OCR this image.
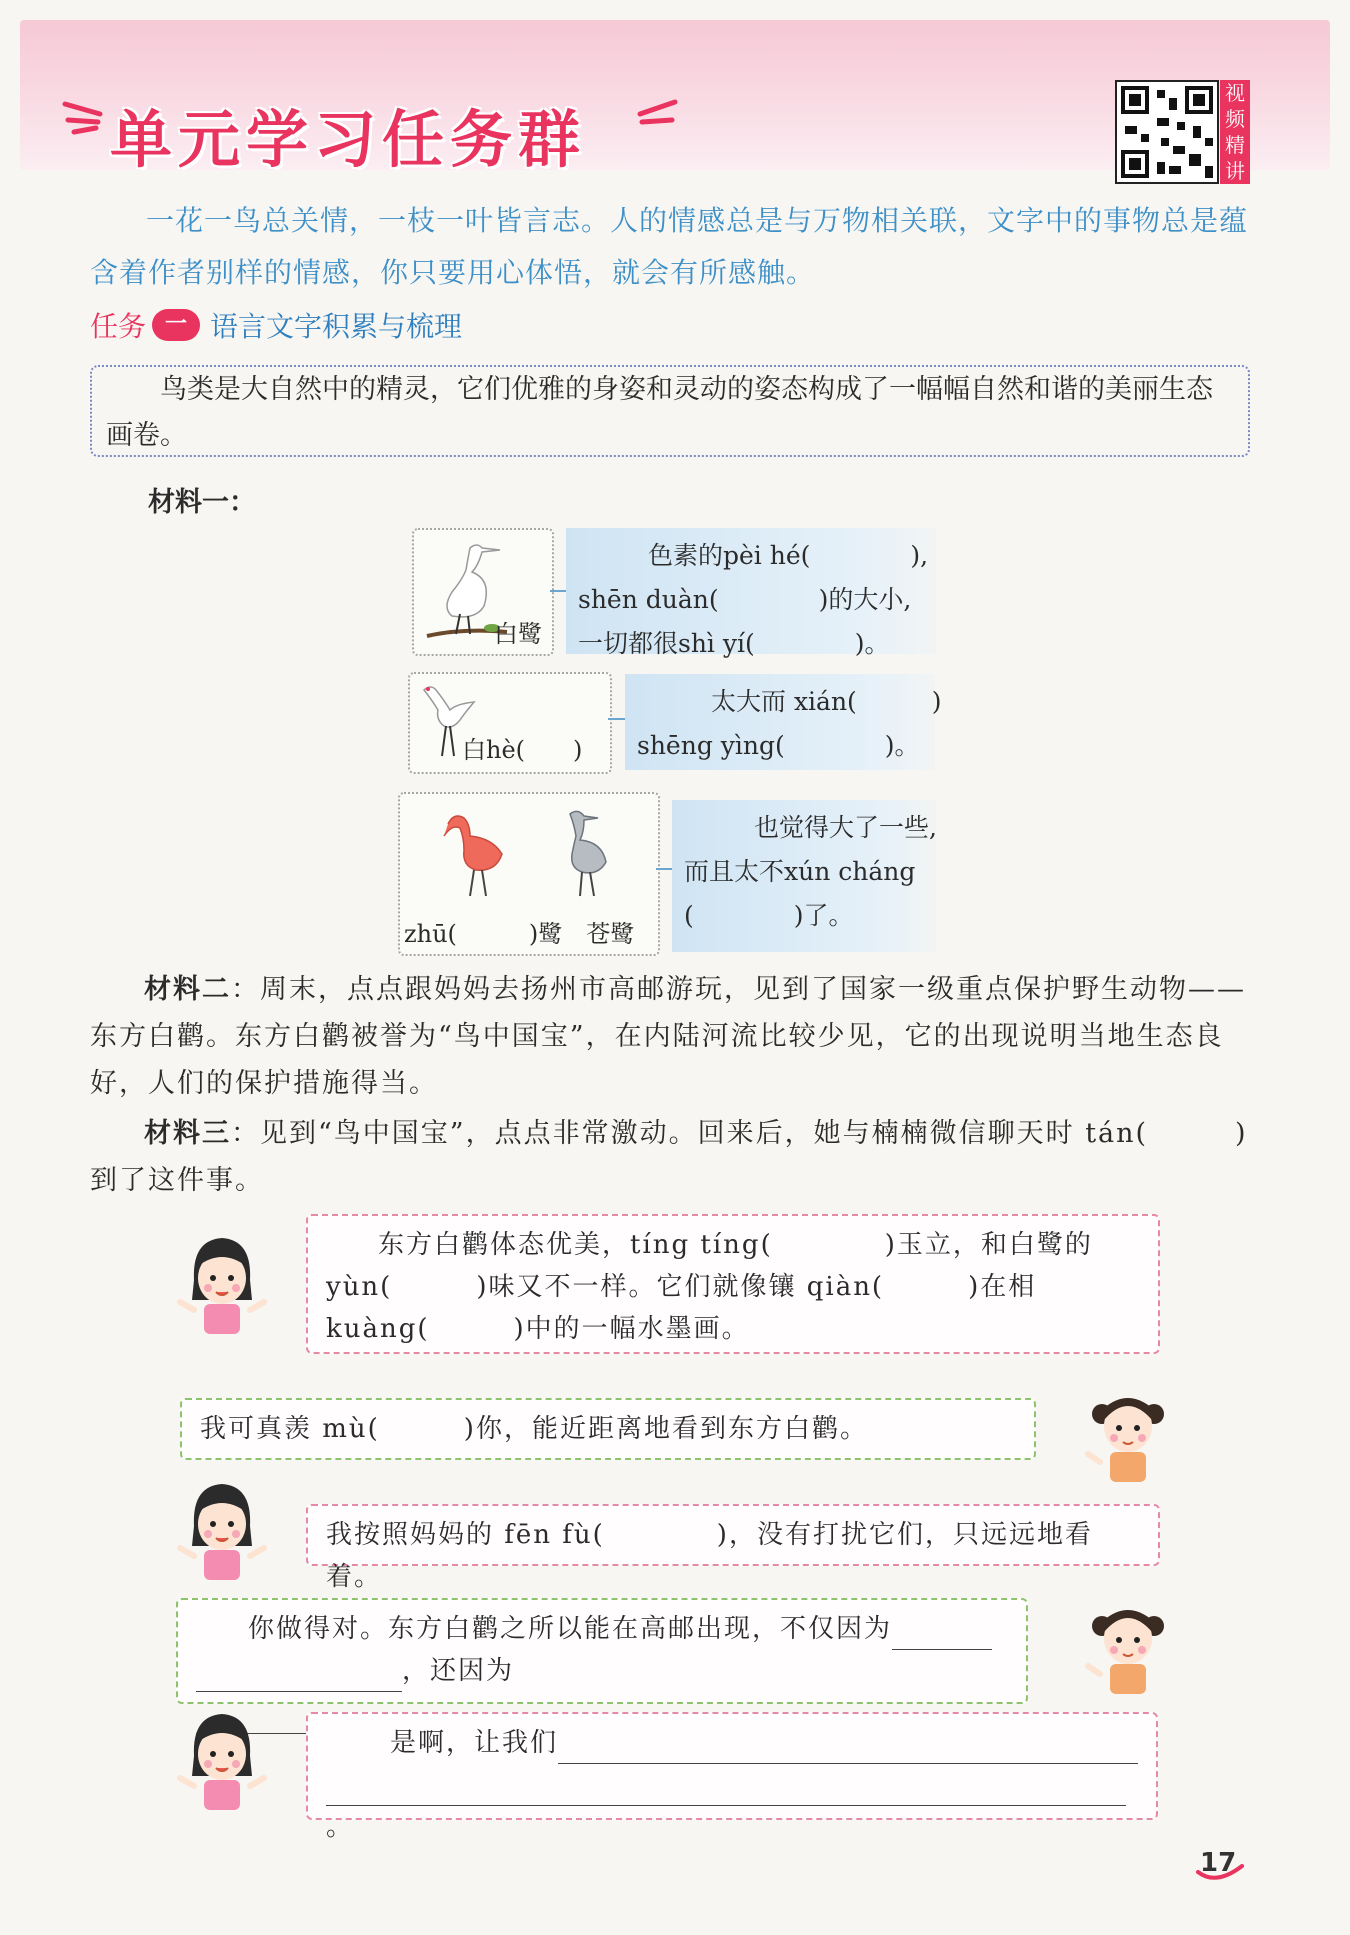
单元学习任务群
视
频
精
讲

一花一鸟总关情，一枝一叶皆言志。人的情感总是与万物相关联，文字中的事物总是蕴含着作者别样的情感，你只要用心体悟，就会有所感触。

任务 一 语言文字积累与梳理

鸟类是大自然中的精灵，它们优雅的身姿和灵动的姿态构成了一幅幅自然和谐的美丽生态画卷。

材料一：
白鹭
色素的pèi hé(　　　　),
shēn duàn(　　　　)的大小,
一切都很shì yí(　　　　)。
白hè(　　)
太大而 xián(　　　)
shēng yìng(　　　　)。
zhū(　　　)鹭　苍鹭
也觉得大了一些,
而且太不xún cháng
(　　　　)了。

材料二：周末，点点跟妈妈去扬州市高邮游玩，见到了国家一级重点保护野生动物——东方白鹳。东方白鹳被誉为“鸟中国宝”，在内陆河流比较少见，它的出现说明当地生态良好，人们的保护措施得当。

材料三：见到“鸟中国宝”，点点非常激动。回来后，她与楠楠微信聊天时 tán(　　　)到了这件事。

东方白鹳体态优美，tíng tíng(　　　　)玉立，和白鹭的 yùn(　　　)味又不一样。它们就像镶 qiàn(　　　)在相 kuàng(　　　)中的一幅水墨画。

我可真羡 mù(　　　)你，能近距离地看到东方白鹳。

我按照妈妈的 fēn fù(　　　　)，没有打扰它们，只远远地看着。

你做得对。东方白鹳之所以能在高邮出现，不仅因为

，还因为

是啊，让我们

。

17
